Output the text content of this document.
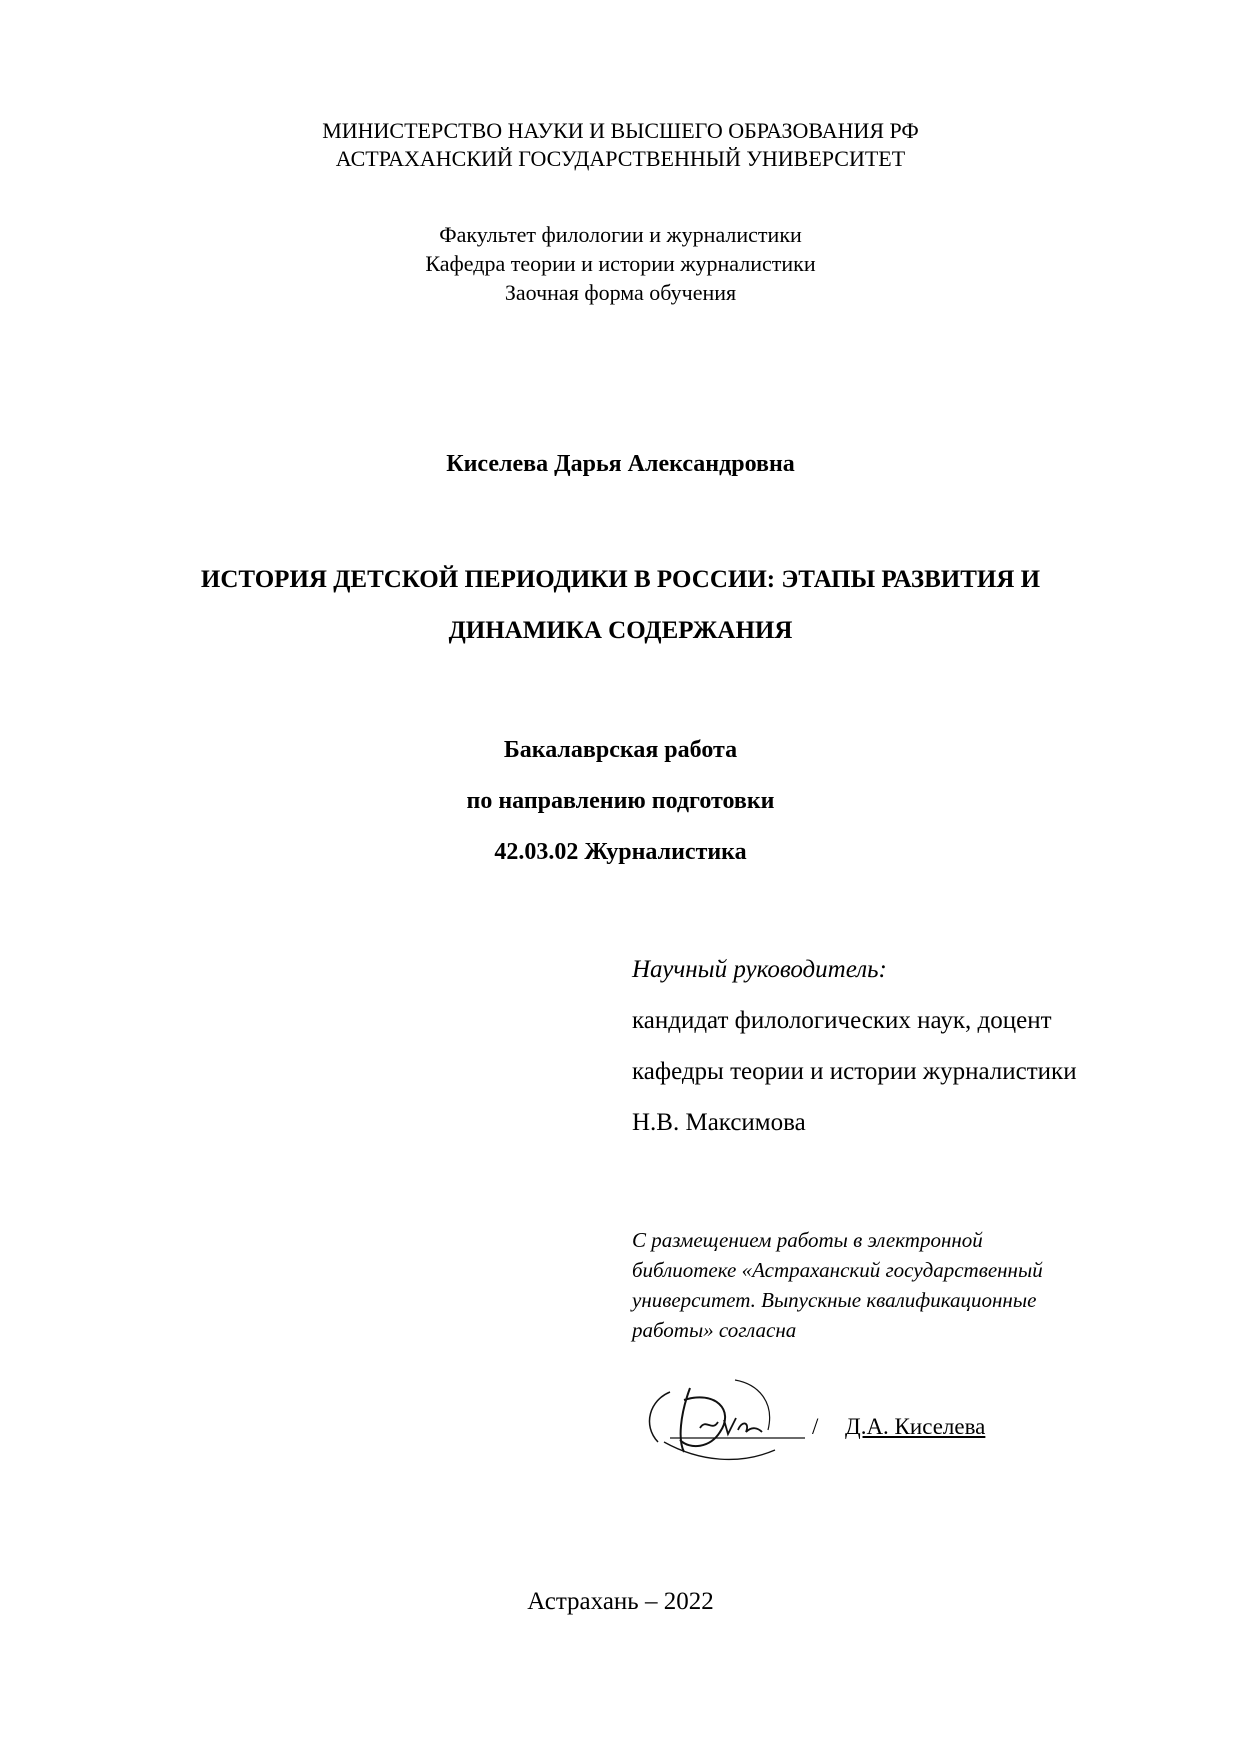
МИНИСТЕРСТВО НАУКИ И ВЫСШЕГО ОБРАЗОВАНИЯ РФ
АСТРАХАНСКИЙ ГОСУДАРСТВЕННЫЙ УНИВЕРСИТЕТ
Факультет филологии и журналистики
Кафедра теории и истории журналистики
Заочная форма обучения
Киселева Дарья Александровна
ИСТОРИЯ ДЕТСКОЙ ПЕРИОДИКИ В РОССИИ: ЭТАПЫ РАЗВИТИЯ И
ДИНАМИКА СОДЕРЖАНИЯ
Бакалаврская работа
по направлению подготовки
42.03.02 Журналистика
Научный руководитель:
кандидат филологических наук, доцент
кафедры теории и истории журналистики
Н.В. Максимова
С размещением работы в электронной
библиотеке «Астраханский государственный
университет. Выпускные квалификационные
работы» согласна
/ Д.А. Киселева
Астрахань – 2022
